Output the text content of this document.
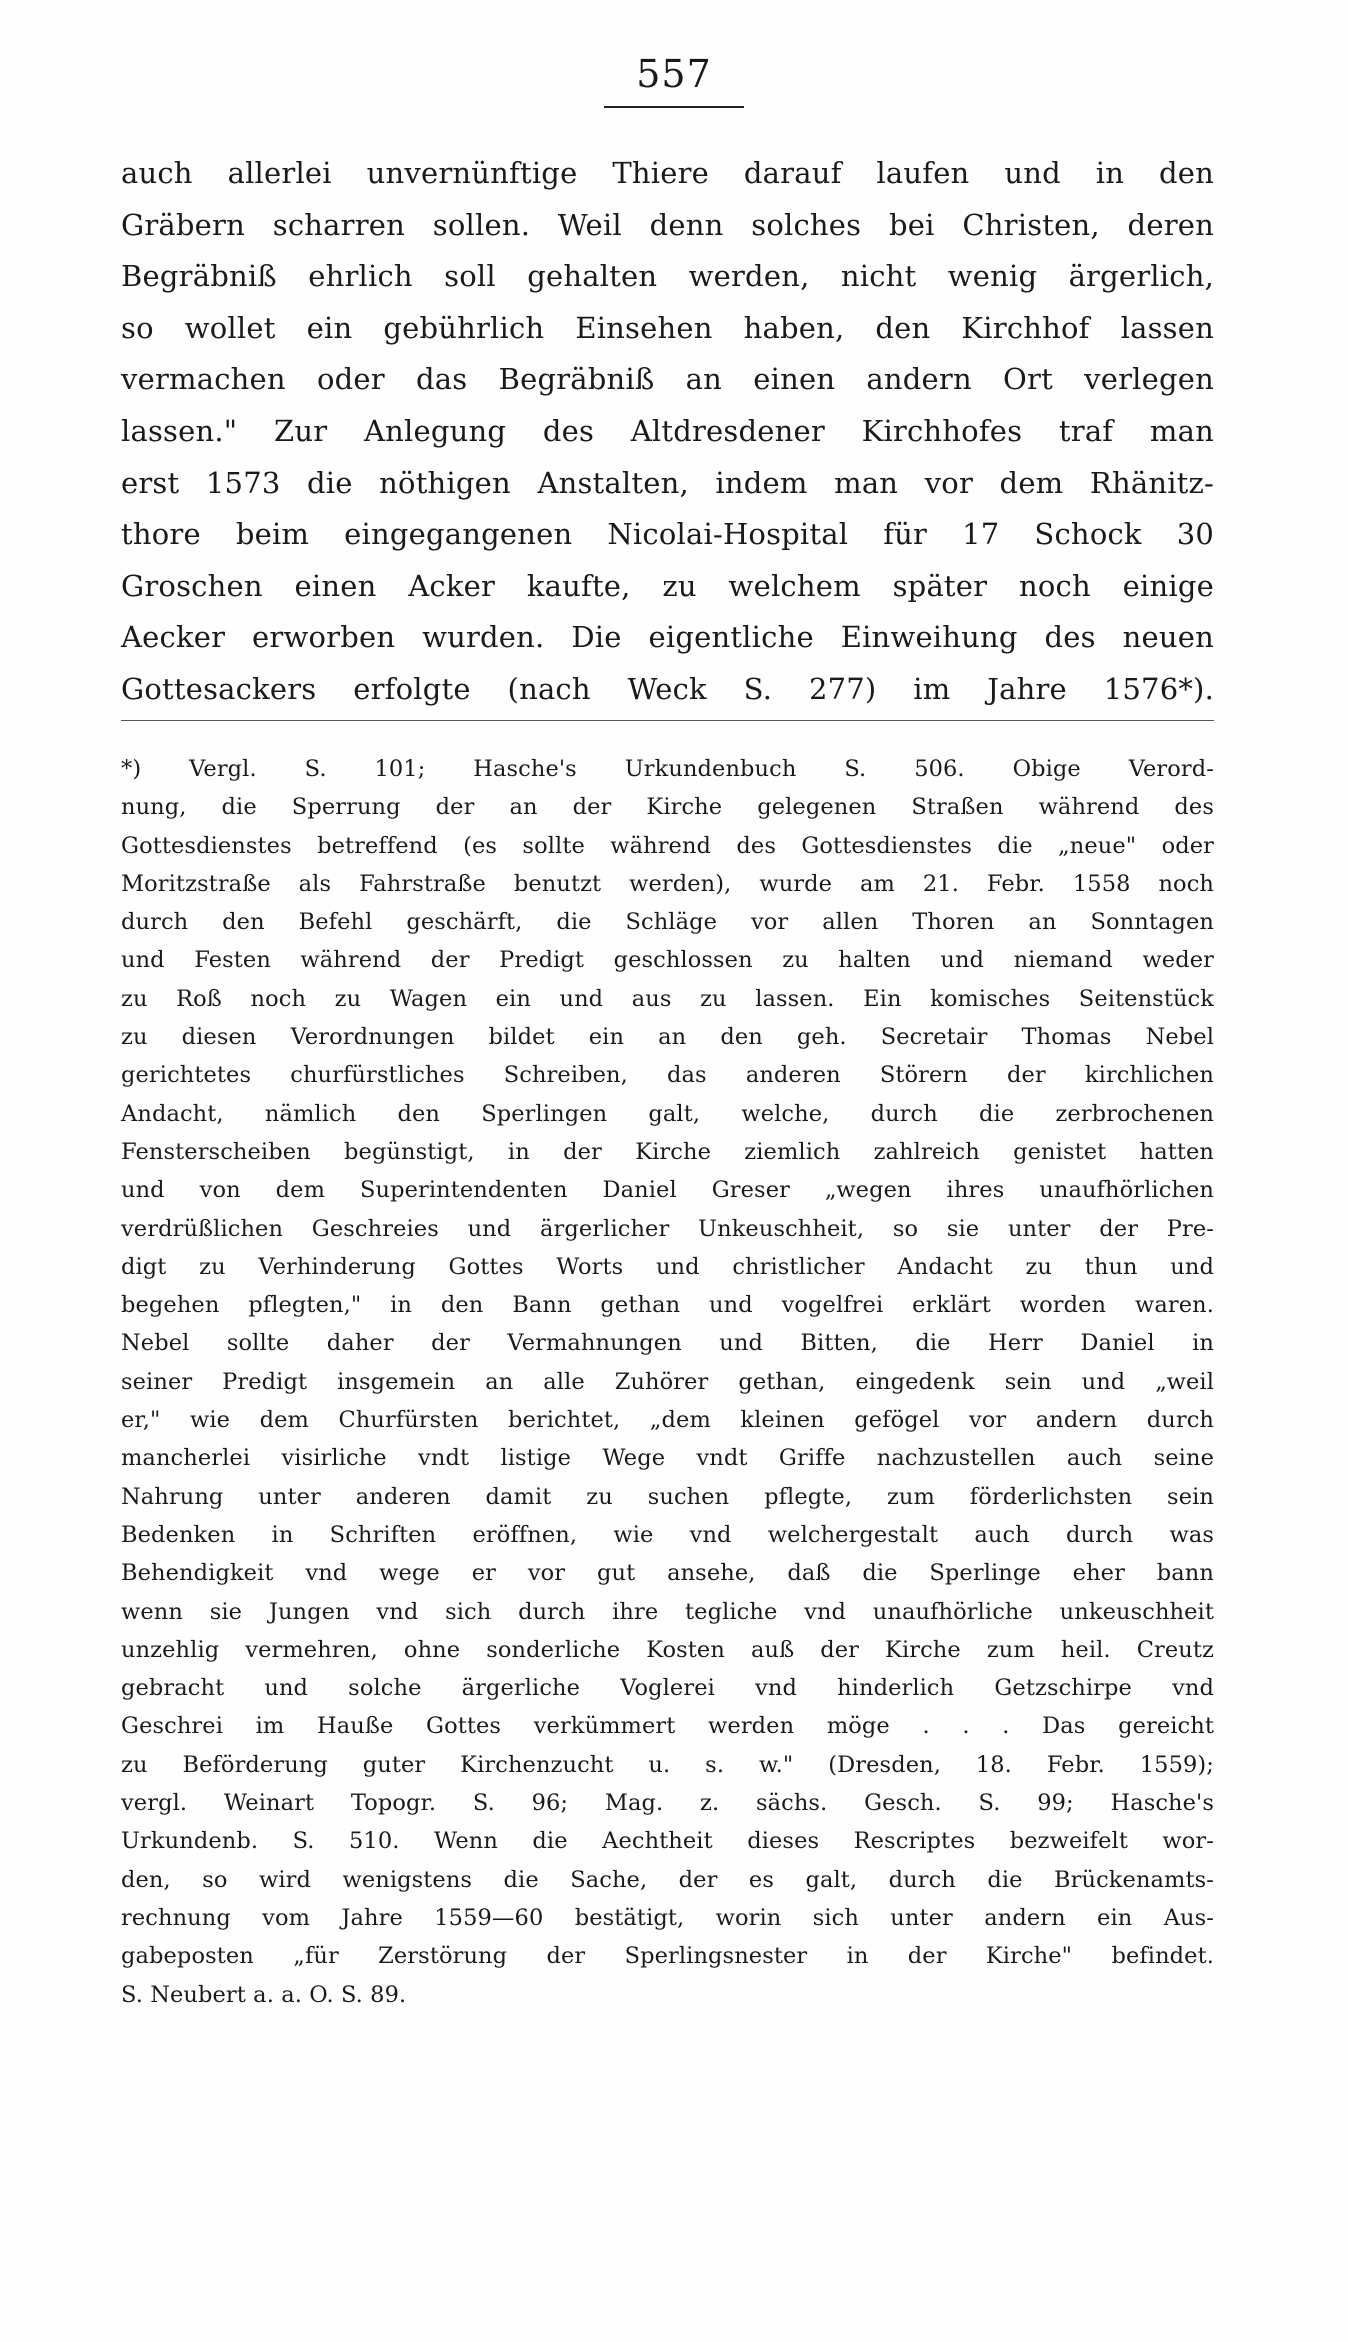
557
auch allerlei unvernünftige Thiere darauf laufen und in den
Gräbern scharren sollen. Weil denn solches bei Christen, deren
Begräbniß ehrlich soll gehalten werden, nicht wenig ärgerlich,
so wollet ein gebührlich Einsehen haben, den Kirchhof lassen
vermachen oder das Begräbniß an einen andern Ort verlegen
lassen." Zur Anlegung des Altdresdener Kirchhofes traf man
erst 1573 die nöthigen Anstalten, indem man vor dem Rhänitz-
thore beim eingegangenen Nicolai-Hospital für 17 Schock 30
Groschen einen Acker kaufte, zu welchem später noch einige
Aecker erworben wurden. Die eigentliche Einweihung des neuen
Gottesackers erfolgte (nach Weck S. 277) im Jahre 1576*).
*) Vergl. S. 101; Hasche's Urkundenbuch S. 506. Obige Verord-
nung, die Sperrung der an der Kirche gelegenen Straßen während des
Gottesdienstes betreffend (es sollte während des Gottesdienstes die „neue" oder
Moritzstraße als Fahrstraße benutzt werden), wurde am 21. Febr. 1558 noch
durch den Befehl geschärft, die Schläge vor allen Thoren an Sonntagen
und Festen während der Predigt geschlossen zu halten und niemand weder
zu Roß noch zu Wagen ein und aus zu lassen. Ein komisches Seitenstück
zu diesen Verordnungen bildet ein an den geh. Secretair Thomas Nebel
gerichtetes churfürstliches Schreiben, das anderen Störern der kirchlichen
Andacht, nämlich den Sperlingen galt, welche, durch die zerbrochenen
Fensterscheiben begünstigt, in der Kirche ziemlich zahlreich genistet hatten
und von dem Superintendenten Daniel Greser „wegen ihres unaufhörlichen
verdrüßlichen Geschreies und ärgerlicher Unkeuschheit, so sie unter der Pre-
digt zu Verhinderung Gottes Worts und christlicher Andacht zu thun und
begehen pflegten," in den Bann gethan und vogelfrei erklärt worden waren.
Nebel sollte daher der Vermahnungen und Bitten, die Herr Daniel in
seiner Predigt insgemein an alle Zuhörer gethan, eingedenk sein und „weil
er," wie dem Churfürsten berichtet, „dem kleinen gefögel vor andern durch
mancherlei visirliche vndt listige Wege vndt Griffe nachzustellen auch seine
Nahrung unter anderen damit zu suchen pflegte, zum förderlichsten sein
Bedenken in Schriften eröffnen, wie vnd welchergestalt auch durch was
Behendigkeit vnd wege er vor gut ansehe, daß die Sperlinge eher bann
wenn sie Jungen vnd sich durch ihre tegliche vnd unaufhörliche unkeuschheit
unzehlig vermehren, ohne sonderliche Kosten auß der Kirche zum heil. Creutz
gebracht und solche ärgerliche Voglerei vnd hinderlich Getzschirpe vnd
Geschrei im Hauße Gottes verkümmert werden möge . . . Das gereicht
zu Beförderung guter Kirchenzucht u. s. w." (Dresden, 18. Febr. 1559);
vergl. Weinart Topogr. S. 96; Mag. z. sächs. Gesch. S. 99; Hasche's
Urkundenb. S. 510. Wenn die Aechtheit dieses Rescriptes bezweifelt wor-
den, so wird wenigstens die Sache, der es galt, durch die Brückenamts-
rechnung vom Jahre 1559—60 bestätigt, worin sich unter andern ein Aus-
gabeposten „für Zerstörung der Sperlingsnester in der Kirche" befindet.
S. Neubert a. a. O. S. 89.
